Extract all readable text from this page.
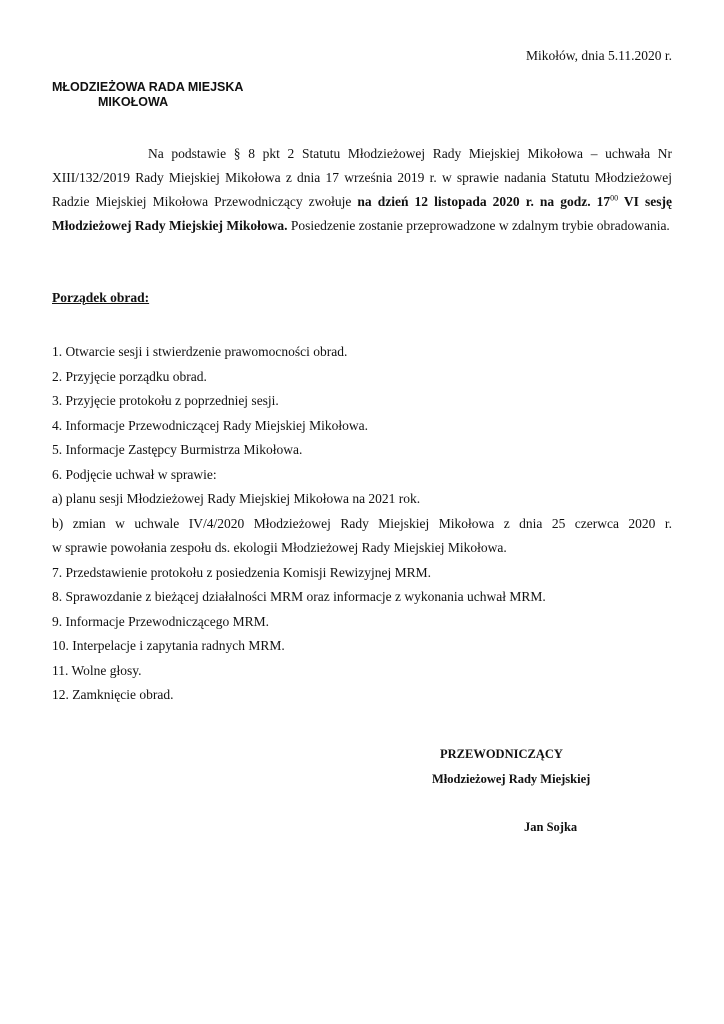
Mikołów, dnia 5.11.2020 r.
MŁODZIEŻOWA RADA MIEJSKA
MIKOŁOWA

Na podstawie § 8 pkt 2 Statutu Młodzieżowej Rady Miejskiej Mikołowa – uchwała Nr XIII/132/2019 Rady Miejskiej Mikołowa z dnia 17 września 2019 r. w sprawie nadania Statutu Młodzieżowej Radzie Miejskiej Mikołowa Przewodniczący zwołuje na dzień 12 listopada 2020 r. na godz. $17^{00}$ VI sesję Młodzieżowej Rady Miejskiej Mikołowa. Posiedzenie zostanie przeprowadzone w zdalnym trybie obradowania.

Porządek obrad:
1. Otwarcie sesji i stwierdzenie prawomocności obrad.
2. Przyjęcie porządku obrad.
3. Przyjęcie protokołu z poprzedniej sesji.
4. Informacje Przewodniczącej Rady Miejskiej Mikołowa.
5. Informacje Zastępcy Burmistrza Mikołowa.
6. Podjęcie uchwał w sprawie:
a) planu sesji Młodzieżowej Rady Miejskiej Mikołowa na 2021 rok.
b) zmian w uchwale IV/4/2020 Młodzieżowej Rady Miejskiej Mikołowa z dnia 25 czerwca 2020 r.
w sprawie powołania zespołu ds. ekologii Młodzieżowej Rady Miejskiej Mikołowa.
7. Przedstawienie protokołu z posiedzenia Komisji Rewizyjnej MRM.
8. Sprawozdanie z bieżącej działalności MRM oraz informacje z wykonania uchwał MRM.
9. Informacje Przewodniczącego MRM.
10. Interpelacje i zapytania radnych MRM.
11. Wolne głosy.
12. Zamknięcie obrad.
PRZEWODNICZĄCY
Młodzieżowej Rady Miejskiej
Jan Sojka
